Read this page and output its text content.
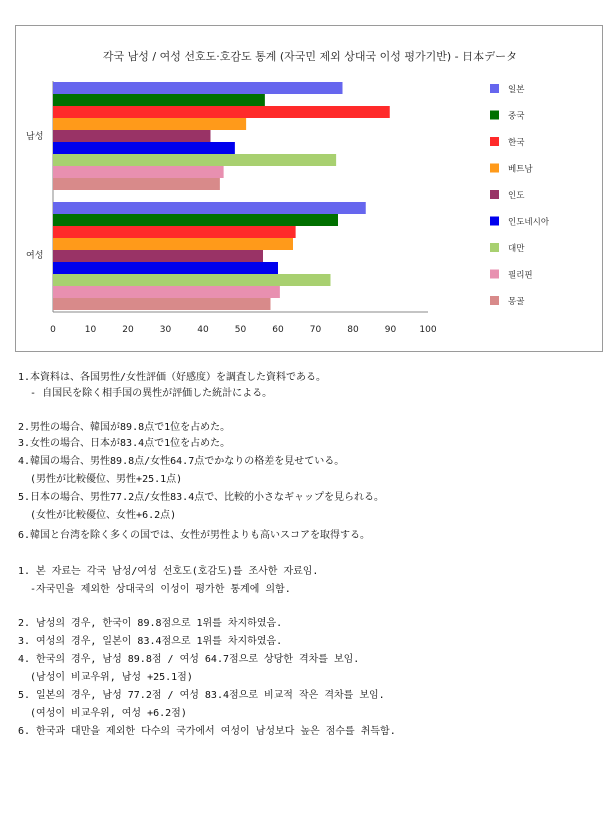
각국 남성 / 여성 선호도·호감도 통계 (자국민 제외 상대국 이성 평가기반) - 日本データ
남성
여성
0	10	20	30	40	50	60	70	80	90	100
일본
중국
한국
베트남
인도
인도네시아
대만
필리핀
몽골
1.本資料は、各国男性/女性評価（好感度）を調査した資料である。
- 自国民を除く相手国の異性が評価した統計による。
2.男性の場合、韓国が89.8点で1位を占めた。
3.女性の場合、日本が83.4点で1位を占めた。
4.韓国の場合、男性89.8点/女性64.7点でかなりの格差を見せている。
(男性が比較優位、男性+25.1点)
5.日本の場合、男性77.2点/女性83.4点で、比較的小さなギャップを見られる。
(女性が比較優位、女性+6.2点)
6.韓国と台湾を除く多くの国では、女性が男性よりも高いスコアを取得する。
1. 본 자료는 각국 남성/여성 선호도(호감도)를 조사한 자료임.
-자국민을 제외한 상대국의 이성이 평가한 통계에 의함.
2. 남성의 경우, 한국이 89.8점으로 1위를 차지하였음.
3. 여성의 경우, 일본이 83.4점으로 1위를 차지하였음.
4. 한국의 경우, 남성 89.8점 / 여성 64.7점으로 상당한 격차를 보임.
(남성이 비교우위, 남성 +25.1점)
5. 일본의 경우, 남성 77.2점 / 여성 83.4점으로 비교적 작은 격차를 보임.
(여성이 비교우위, 여성 +6.2점)
6. 한국과 대만을 제외한 다수의 국가에서 여성이 남성보다 높은 점수를 취득함.
